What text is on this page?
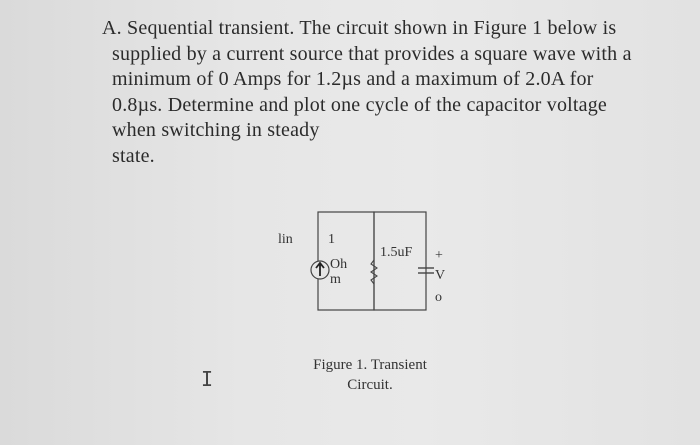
A. Sequential transient. The circuit shown in Figure 1 below is
supplied by a current source that provides a square wave with a
minimum of 0 Amps for 1.2µs and a maximum of 2.0A for
0.8µs. Determine and plot one cycle of the capacitor voltage
when switching in steady
state.
lin	1
Oh
m
1.5uF +
V
o
Figure 1. Transient
Circuit.
I
